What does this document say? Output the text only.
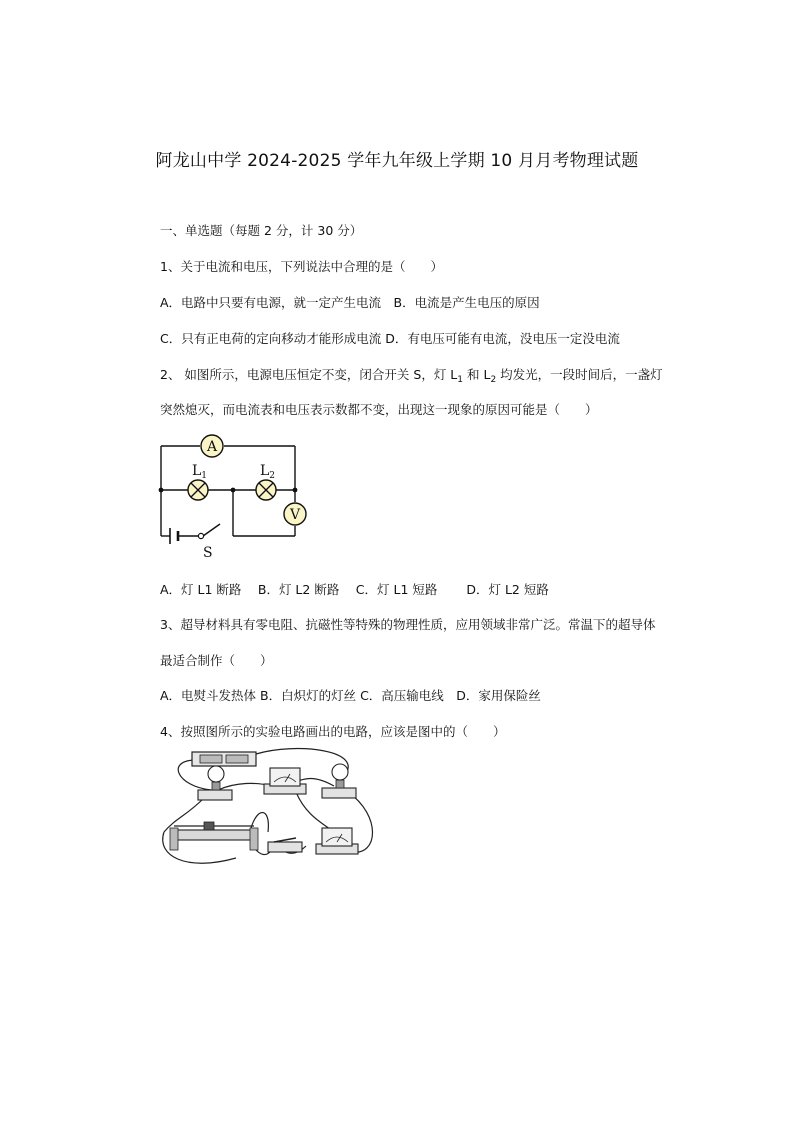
阿龙山中学 2024-2025 学年九年级上学期 10 月月考物理试题
一、单选题（每题 2 分，计 30 分）
1、关于电流和电压，下列说法中合理的是（　　）
A．电路中只要有电源，就一定产生电流　B．电流是产生电压的原因
C．只有正电荷的定向移动才能形成电流 D．有电压可能有电流，没电压一定没电流
2、 如图所示，电源电压恒定不变，闭合开关 S，灯 $L_1$ 和 $L_2$ 均发光，一段时间后，一盏灯
突然熄灭，而电流表和电压表示数都不变，出现这一现象的原因可能是（　　）
A
V
$L_1$	$L_2$
S
A．灯 L1 断路　 B．灯 L2 断路　 C．灯 L1 短路　　 D．灯 L2 短路
3、超导材料具有零电阻、抗磁性等特殊的物理性质，应用领域非常广泛。常温下的超导体
最适合制作（　　）
A．电熨斗发热体 B．白炽灯的灯丝 C．高压输电线　D．家用保险丝
4、按照图所示的实验电路画出的电路，应该是图中的（　　）
